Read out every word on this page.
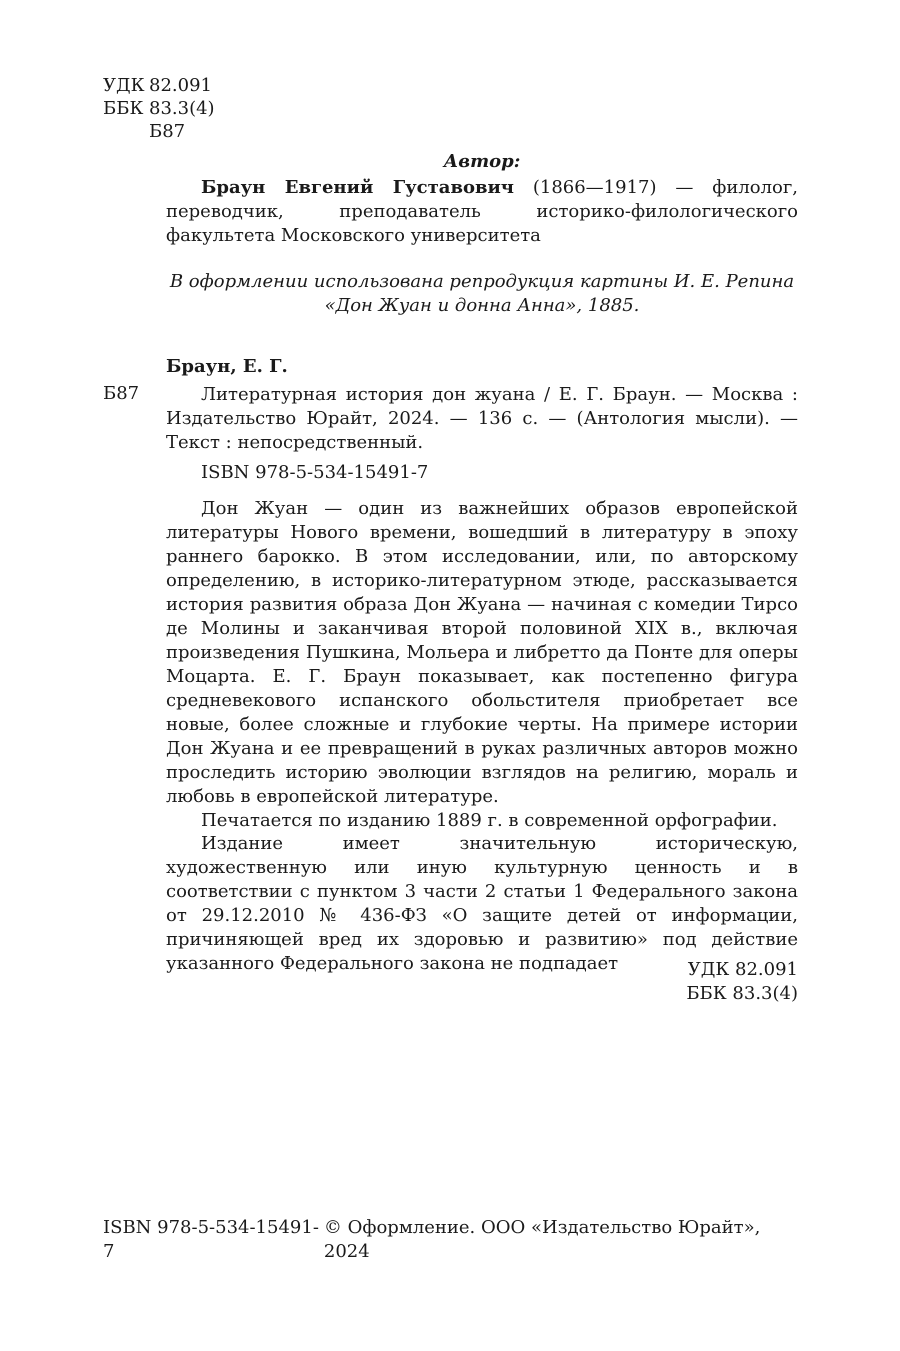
УДК 82.091
ББК 83.3(4)
Б87
Автор:

Браун Евгений Густавович (1866—1917) — филолог, переводчик, преподаватель историко-филологического факультета Московского университета

В оформлении использована репродукция картины И. Е. Репина
«Дон Жуан и донна Анна», 1885.
Б87
Браун, Е. Г.

Литературная история дон жуана / Е. Г. Браун. — Москва : Издательство Юрайт, 2024. — 136 с. — (Антология мысли). — Текст : непосредственный.

ISBN 978-5-534-15491-7

Дон Жуан — один из важнейших образов европейской литературы Нового времени, вошедший в литературу в эпоху раннего барокко. В этом исследовании, или, по авторскому определению, в историко-литературном этюде, рассказывается история развития образа Дон Жуана — начиная с комедии Тирсо де Молины и заканчивая второй половиной XIX в., включая произведения Пушкина, Мольера и либретто да Понте для оперы Моцарта. Е. Г. Браун показывает, как постепенно фигура средневекового испанского обольстителя приобретает все новые, более сложные и глубокие черты. На примере истории Дон Жуана и ее превращений в руках различных авторов можно проследить историю эволюции взглядов на религию, мораль и любовь в европейской литературе.

Печатается по изданию 1889 г. в современной орфографии.

Издание имеет значительную историческую, художественную или иную культурную ценность и в соответствии с пунктом 3 части 2 статьи 1 Федерального закона от 29.12.2010 № 436-ФЗ «О защите детей от информации, причиняющей вред их здоровью и развитию» под действие указанного Федерального закона не подпадает	УДК 82.091
ББК 83.3(4)
ISBN 978-5-534-15491-7
© Оформление. ООО «Издательство Юрайт», 2024
